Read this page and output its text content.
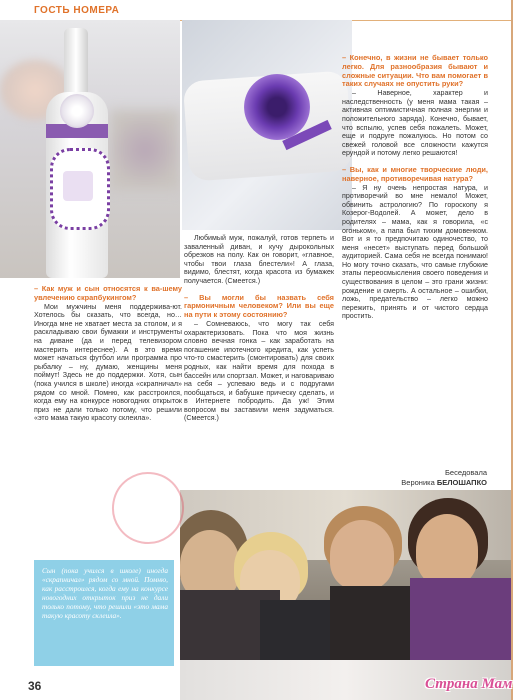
ГОСТЬ НОМЕРА

– Как муж и сын относятся к ва-шему увлечению скрапбукингом?

Мои мужчины меня поддержива-ют. Хотелось бы сказать, что всегда, но… Иногда мне не хватает места за столом, и я раскладываю свои бумажки и инструменты на диване (да и перед телевизором мастерить интереснее). А в это время может начаться футбол или программа про рыбалку – ну, думаю, женщины меня поймут! Здесь не до поддержки. Хотя, сын (пока учился в школе) иногда «скрапничал» рядом со мной. Помню, как расстроился, когда ему на конкурсе новогодних открыток приз не дали только потому, что решили «это мама такую красоту склеила».

Любимый муж, пожалуй, готов терпеть и заваленный диван, и кучу дырокольных обрезков на полу. Как он говорит, «главное, чтобы твои глаза блестели»! А глаза, видимо, блестят, когда красота из бумажек получается. (Смеется.)

– Вы могли бы назвать себя гармоничным человеком? Или вы еще на пути к этому состоянию?

– Сомневаюсь, что могу так себя охарактеризовать. Пока что моя жизнь словно вечная гонка – как заработать на погашение ипотечного кредита, как успеть что-то смастерить (смонтировать) для своих родных, как найти время для похода в бассейн или спортзал. Может, и наговариваю на себя – успеваю ведь и с подругами пообщаться, и бабушке прическу сделать, и в Интернете побродить. Да уж! Этим вопросом вы заставили меня задуматься. (Смеется.)

– Конечно, в жизни не бывает только легко. Для разнообразия бывают и сложные ситуации. Что вам помогает в таких случаях не опустить руки?

– Наверное, характер и наследственность (у меня мама такая – активная оптимистичная полная энергии и положительного заряда). Конечно, бывает, что вспылю, успев себя пожалеть. Может, еще и подруге пожалуюсь. Но потом со свежей головой все сложности кажутся ерундой и потому легко решаются!

– Вы, как и многие творческие люди, наверное, противоречивая натура?

– Я ну очень непростая натура, и противоречий во мне немало! Может, обвинить астрологию? По гороскопу я Козерог-Водолей. А может, дело в родителях – мама, как я говорила, «с огоньком», а папа был тихим домовенком. Вот и я то предпочитаю одиночество, то меня «несет» выступать перед большой аудиторией. Сама себя не всегда понимаю! Но могу точно сказать, что самые глубокие этапы переосмысления своего поведения и существования в целом – это грани жизни: рождение и смерть. А остальное – ошибки, ложь, предательство – легко можно пережить, принять и от чистого сердца простить.

Беседовала
Вероника БЕЛОШАПКО
Сын (пока учился в школе) иногда «скрапничал» рядом со мной. Помню, как расстроился, когда ему на конкурсе новогодних открыток приз не дали только потому, что решили «это мама такую красоту склеила».
36	Страна Мам
